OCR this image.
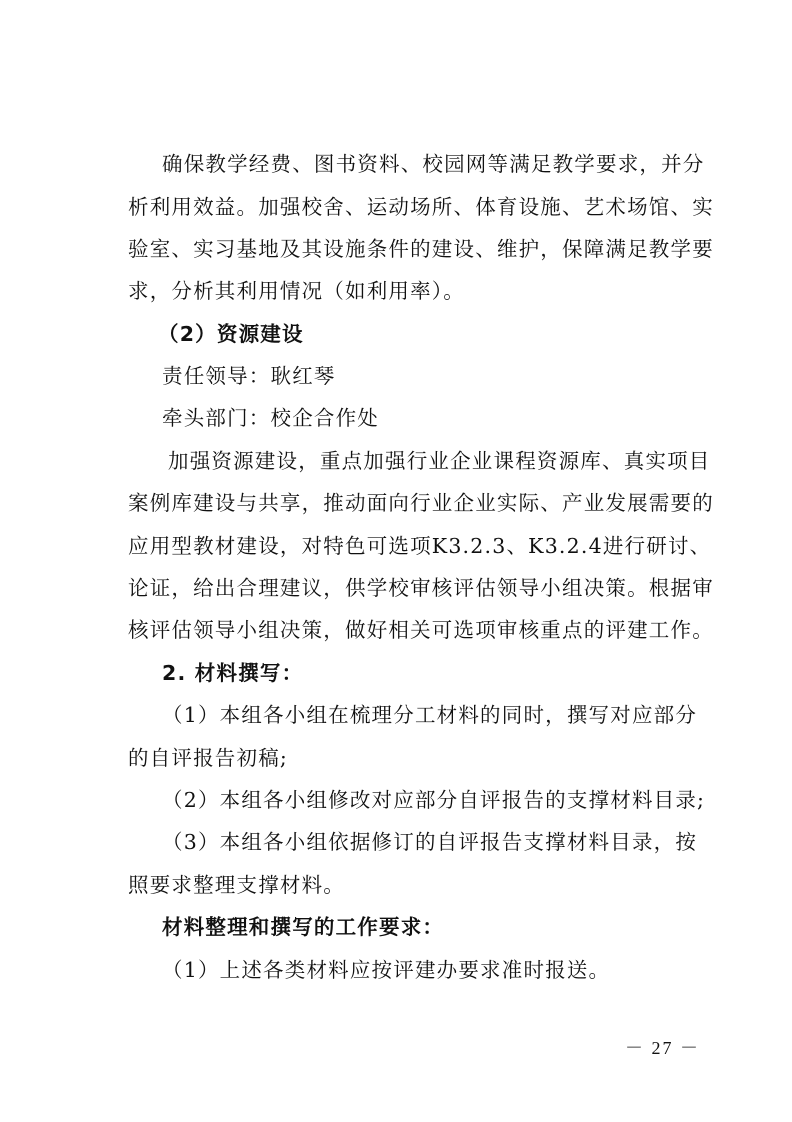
确保教学经费、图书资料、校园网等满足教学要求，并分
析利用效益。加强校舍、运动场所、体育设施、艺术场馆、实
验室、实习基地及其设施条件的建设、维护，保障满足教学要
求，分析其利用情况（如利用率）。
（2）资源建设
责任领导：耿红琴
牵头部门：校企合作处
加强资源建设，重点加强行业企业课程资源库、真实项目
案例库建设与共享，推动面向行业企业实际、产业发展需要的
应用型教材建设，对特色可选项K3.2.3、K3.2.4进行研讨、
论证，给出合理建议，供学校审核评估领导小组决策。根据审
核评估领导小组决策，做好相关可选项审核重点的评建工作。
2. 材料撰写：
（1）本组各小组在梳理分工材料的同时，撰写对应部分
的自评报告初稿;
（2）本组各小组修改对应部分自评报告的支撑材料目录;
（3）本组各小组依据修订的自评报告支撑材料目录，按
照要求整理支撑材料。
材料整理和撰写的工作要求：
（1）上述各类材料应按评建办要求准时报送。
－ 27 －
